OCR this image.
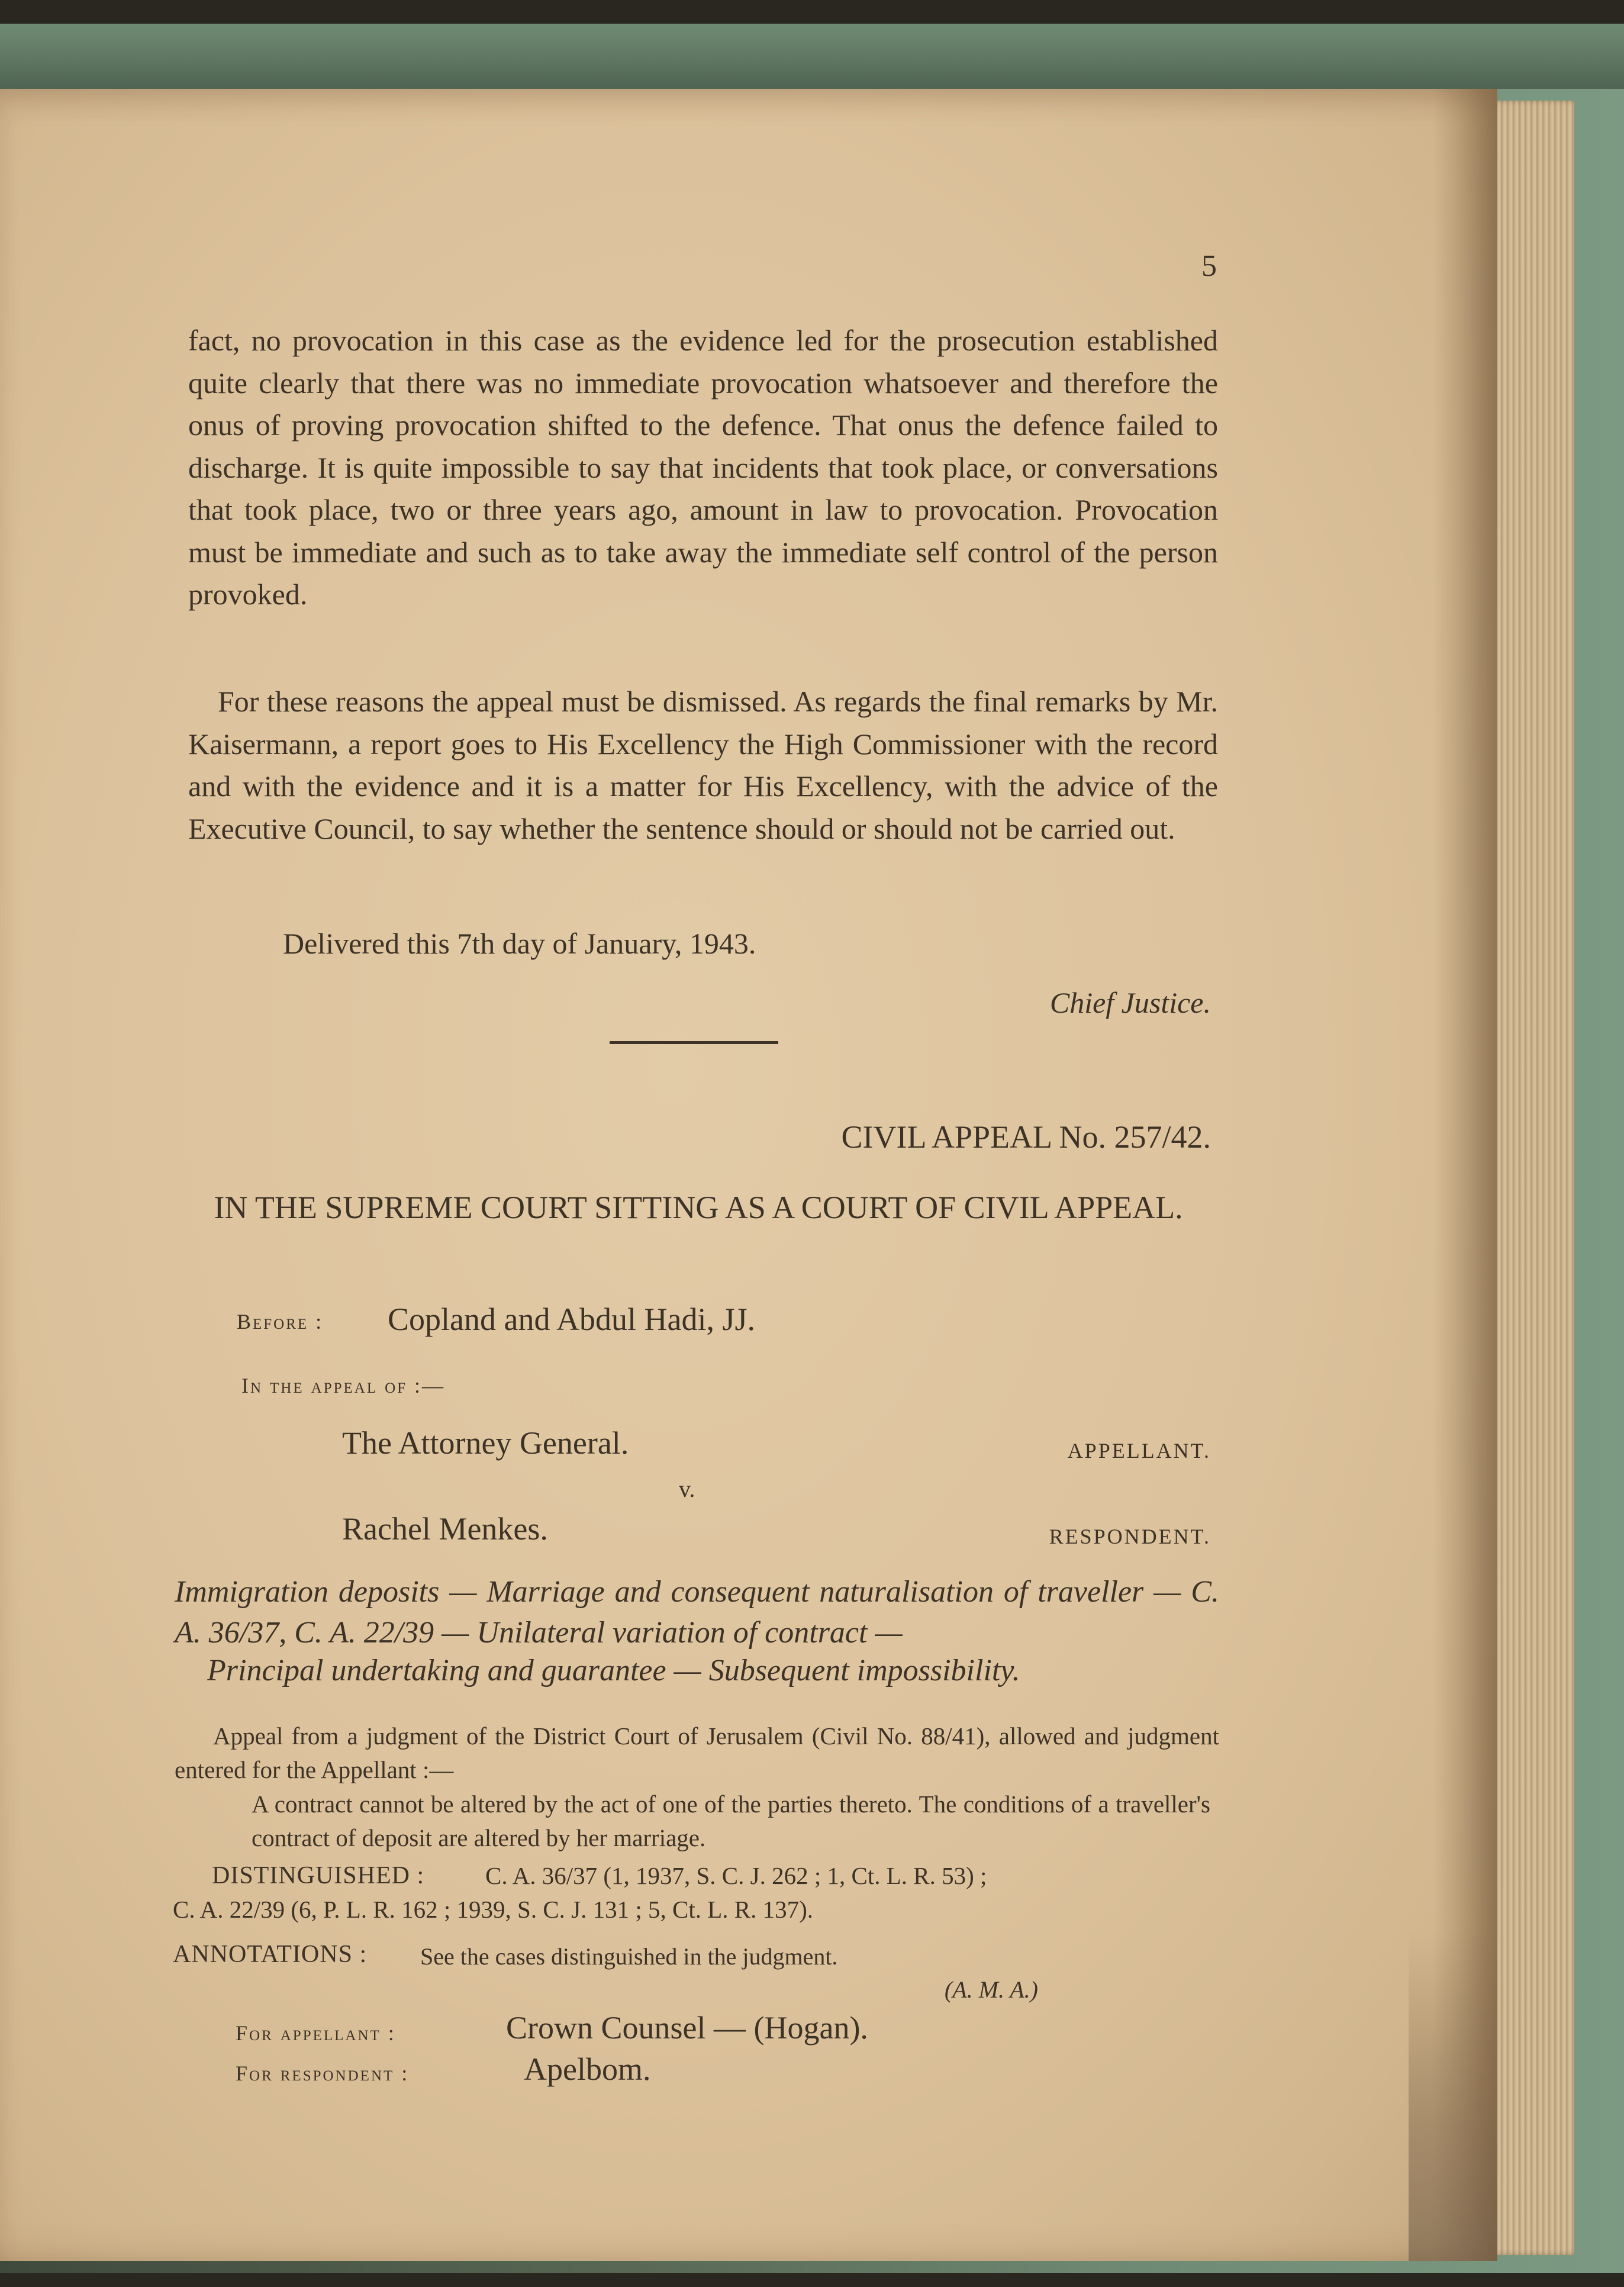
5

fact, no provocation in this case as the evidence led for the prosecution established quite clearly that there was no immediate provocation whatsoever and therefore the onus of proving provocation shifted to the defence. That onus the defence failed to discharge. It is quite impossible to say that incidents that took place, or conversations that took place, two or three years ago, amount in law to provocation. Provocation must be immediate and such as to take away the immediate self control of the person provoked.

For these reasons the appeal must be dismissed. As regards the final remarks by Mr. Kaisermann, a report goes to His Excellency the High Commissioner with the record and with the evidence and it is a matter for His Excellency, with the advice of the Executive Council, to say whether the sentence should or should not be carried out.

Delivered this 7th day of January, 1943.

Chief Justice.

CIVIL APPEAL No. 257/42.

IN THE SUPREME COURT SITTING AS A COURT OF CIVIL APPEAL.

Before : Copland and Abdul Hadi, JJ.

In the appeal of :—

The Attorney General.	APPELLANT.

v.

Rachel Menkes.	RESPONDENT.

Immigration deposits — Marriage and consequent naturalisation of traveller — C. A. 36/37, C. A. 22/39 — Unilateral variation of contract —

Principal undertaking and guarantee — Subsequent impossibility.

Appeal from a judgment of the District Court of Jerusalem (Civil No. 88/41), allowed and judgment entered for the Appellant :—

A contract cannot be altered by the act of one of the parties thereto. The conditions of a traveller's contract of deposit are altered by her marriage.

DISTINGUISHED :	C. A. 36/37 (1, 1937, S. C. J. 262 ; 1, Ct. L. R. 53) ;

C. A. 22/39 (6, P. L. R. 162 ; 1939, S. C. J. 131 ; 5, Ct. L. R. 137).

ANNOTATIONS : See the cases distinguished in the judgment.

(A. M. A.)

For appellant :	Crown Counsel — (Hogan).

For respondent :	Apelbom.
